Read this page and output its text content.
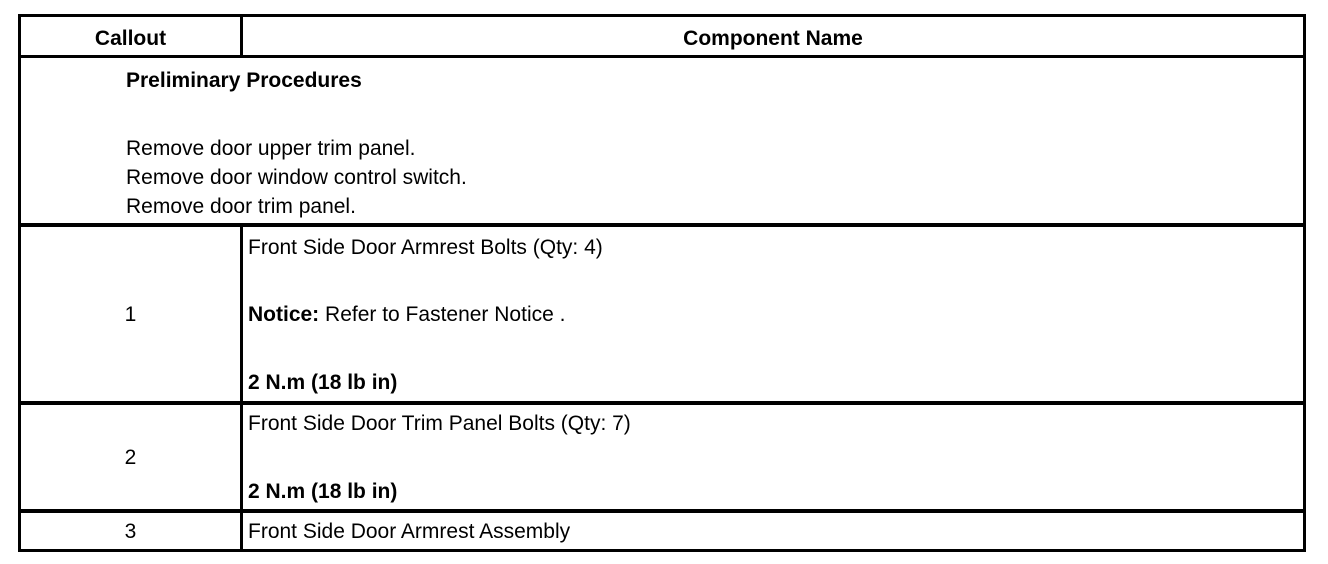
Callout	Component Name
Preliminary Procedures
Remove door upper trim panel.
Remove door window control switch.
Remove door trim panel.
1
Front Side Door Armrest Bolts (Qty: 4)
Notice: Refer to Fastener Notice .
2 N.m (18 lb in)
2
Front Side Door Trim Panel Bolts (Qty: 7)
2 N.m (18 lb in)
3	Front Side Door Armrest Assembly
